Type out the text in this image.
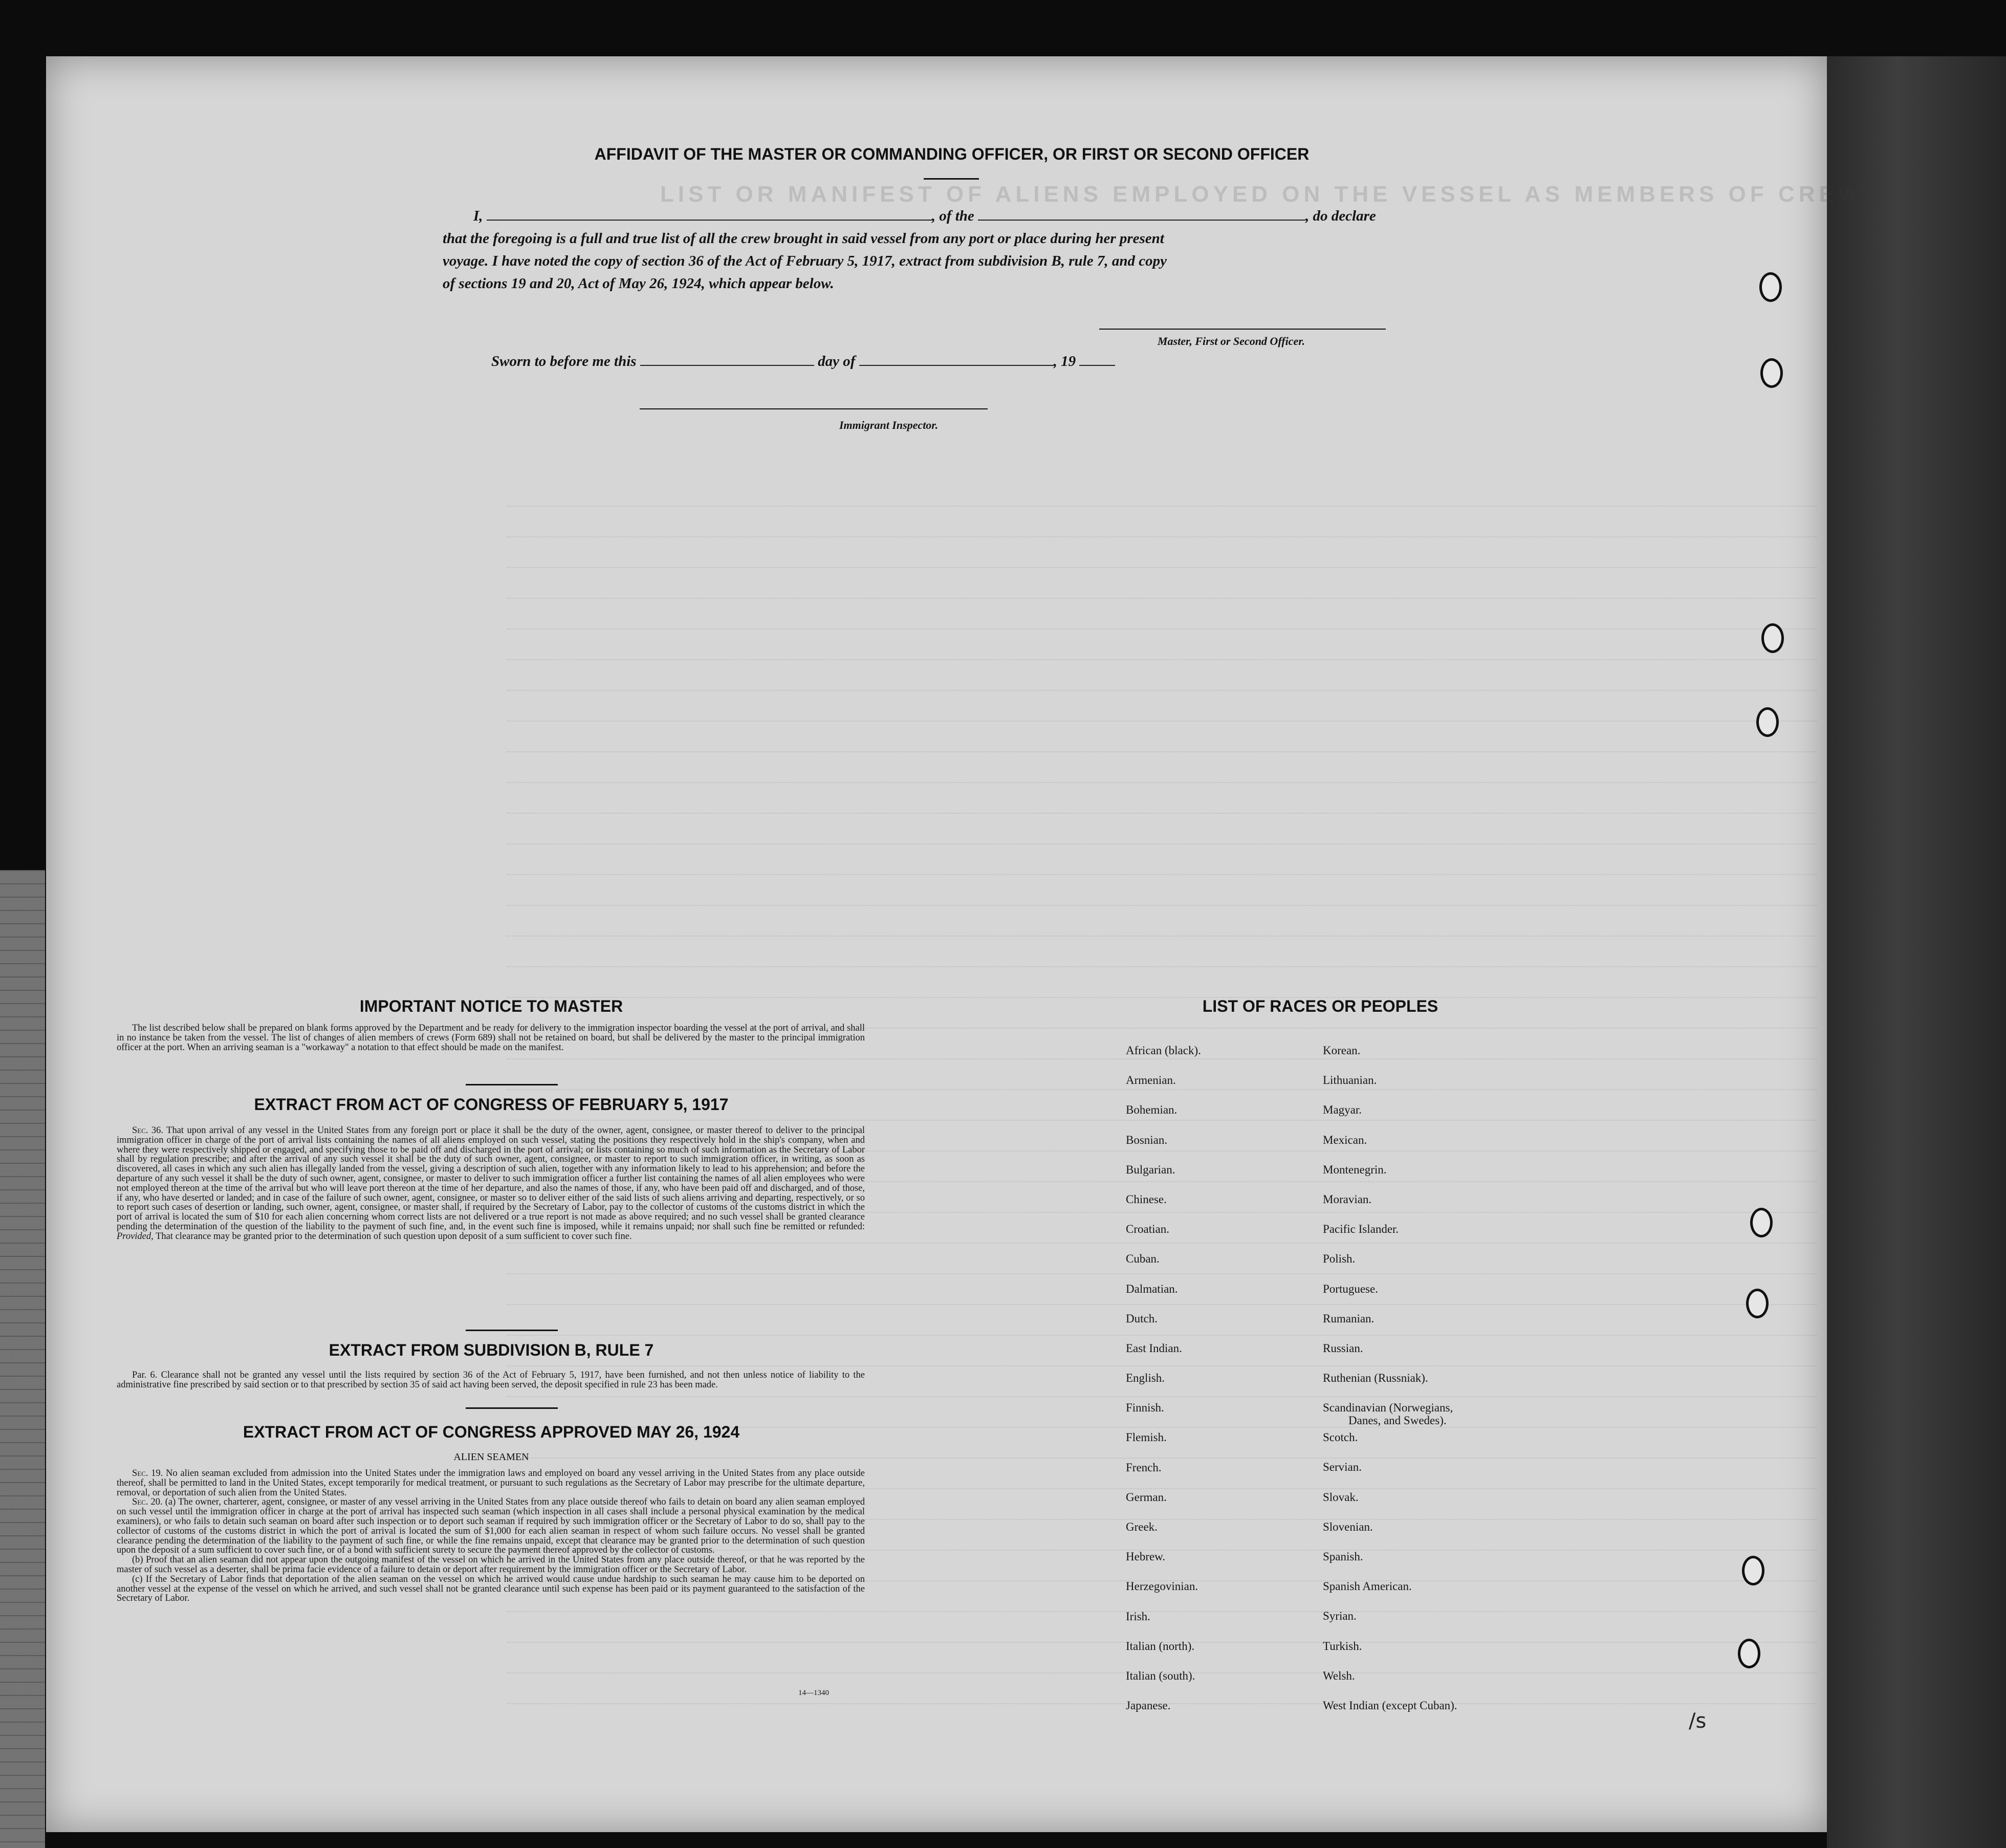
LIST OR MANIFEST OF ALIENS EMPLOYED ON THE VESSEL AS MEMBERS OF CREW
AFFIDAVIT OF THE MASTER OR COMMANDING OFFICER, OR FIRST OR SECOND OFFICER

I,	, of the	, do declare

that the foregoing is a full and true list of all the crew brought in said vessel from any port or place during her present

voyage. I have noted the copy of section 36 of the Act of February 5, 1917, extract from subdivision B, rule 7, and copy

of sections 19 and 20, Act of May 26, 1924, which appear below.

Master, First or Second Officer.
Sworn to before me this	day of	, 19
Immigrant Inspector.
IMPORTANT NOTICE TO MASTER

The list described below shall be prepared on blank forms approved by the Department and be ready for delivery to the immigration inspector boarding the vessel at the port of arrival, and shall in no instance be taken from the vessel. The list of changes of alien members of crews (Form 689) shall not be retained on board, but shall be delivered by the master to the principal immigration officer at the port. When an arriving seaman is a "workaway" a notation to that effect should be made on the manifest.

EXTRACT FROM ACT OF CONGRESS OF FEBRUARY 5, 1917

Sec. 36. That upon arrival of any vessel in the United States from any foreign port or place it shall be the duty of the owner, agent, consignee, or master thereof to deliver to the principal immigration officer in charge of the port of arrival lists containing the names of all aliens employed on such vessel, stating the positions they respectively hold in the ship's company, when and where they were respectively shipped or engaged, and specifying those to be paid off and discharged in the port of arrival; or lists containing so much of such information as the Secretary of Labor shall by regulation prescribe; and after the arrival of any such vessel it shall be the duty of such owner, agent, consignee, or master to report to such immigration officer, in writing, as soon as discovered, all cases in which any such alien has illegally landed from the vessel, giving a description of such alien, together with any information likely to lead to his apprehension; and before the departure of any such vessel it shall be the duty of such owner, agent, consignee, or master to deliver to such immigration officer a further list containing the names of all alien employees who were not employed thereon at the time of the arrival but who will leave port thereon at the time of her departure, and also the names of those, if any, who have been paid off and discharged, and of those, if any, who have deserted or landed; and in case of the failure of such owner, agent, consignee, or master so to deliver either of the said lists of such aliens arriving and departing, respectively, or so to report such cases of desertion or landing, such owner, agent, consignee, or master shall, if required by the Secretary of Labor, pay to the collector of customs of the customs district in which the port of arrival is located the sum of $10 for each alien concerning whom correct lists are not delivered or a true report is not made as above required; and no such vessel shall be granted clearance pending the determination of the question of the liability to the payment of such fine, and, in the event such fine is imposed, while it remains unpaid; nor shall such fine be remitted or refunded: Provided, That clearance may be granted prior to the determination of such question upon deposit of a sum sufficient to cover such fine.

EXTRACT FROM SUBDIVISION B, RULE 7

Par. 6. Clearance shall not be granted any vessel until the lists required by section 36 of the Act of February 5, 1917, have been furnished, and not then unless notice of liability to the administrative fine prescribed by said section or to that prescribed by section 35 of said act having been served, the deposit specified in rule 23 has been made.

EXTRACT FROM ACT OF CONGRESS APPROVED MAY 26, 1924
ALIEN SEAMEN

Sec. 19. No alien seaman excluded from admission into the United States under the immigration laws and employed on board any vessel arriving in the United States from any place outside thereof, shall be permitted to land in the United States, except temporarily for medical treatment, or pursuant to such regulations as the Secretary of Labor may prescribe for the ultimate departure, removal, or deportation of such alien from the United States.

Sec. 20. (a) The owner, charterer, agent, consignee, or master of any vessel arriving in the United States from any place outside thereof who fails to detain on board any alien seaman employed on such vessel until the immigration officer in charge at the port of arrival has inspected such seaman (which inspection in all cases shall include a personal physical examination by the medical examiners), or who fails to detain such seaman on board after such inspection or to deport such seaman if required by such immigration officer or the Secretary of Labor to do so, shall pay to the collector of customs of the customs district in which the port of arrival is located the sum of $1,000 for each alien seaman in respect of whom such failure occurs. No vessel shall be granted clearance pending the determination of the liability to the payment of such fine, or while the fine remains unpaid, except that clearance may be granted prior to the determination of such question upon the deposit of a sum sufficient to cover such fine, or of a bond with sufficient surety to secure the payment thereof approved by the collector of customs.

(b) Proof that an alien seaman did not appear upon the outgoing manifest of the vessel on which he arrived in the United States from any place outside thereof, or that he was reported by the master of such vessel as a deserter, shall be prima facie evidence of a failure to detain or deport after requirement by the immigration officer or the Secretary of Labor.

(c) If the Secretary of Labor finds that deportation of the alien seaman on the vessel on which he arrived would cause undue hardship to such seaman he may cause him to be deported on another vessel at the expense of the vessel on which he arrived, and such vessel shall not be granted clearance until such expense has been paid or its payment guaranteed to the satisfaction of the Secretary of Labor.

14—1340
LIST OF RACES OR PEOPLES
African (black).
Armenian.
Bohemian.
Bosnian.
Bulgarian.
Chinese.
Croatian.
Cuban.
Dalmatian.
Dutch.
East Indian.
English.
Finnish.
Flemish.
French.
German.
Greek.
Hebrew.
Herzegovinian.
Irish.
Italian (north).
Italian (south).
Japanese.
Korean.
Lithuanian.
Magyar.
Mexican.
Montenegrin.
Moravian.
Pacific Islander.
Polish.
Portuguese.
Rumanian.
Russian.
Ruthenian (Russniak).
Scandinavian (Norwegians,
Danes, and Swedes).
Scotch.
Servian.
Slovak.
Slovenian.
Spanish.
Spanish American.
Syrian.
Turkish.
Welsh.
West Indian (except Cuban).
/s
